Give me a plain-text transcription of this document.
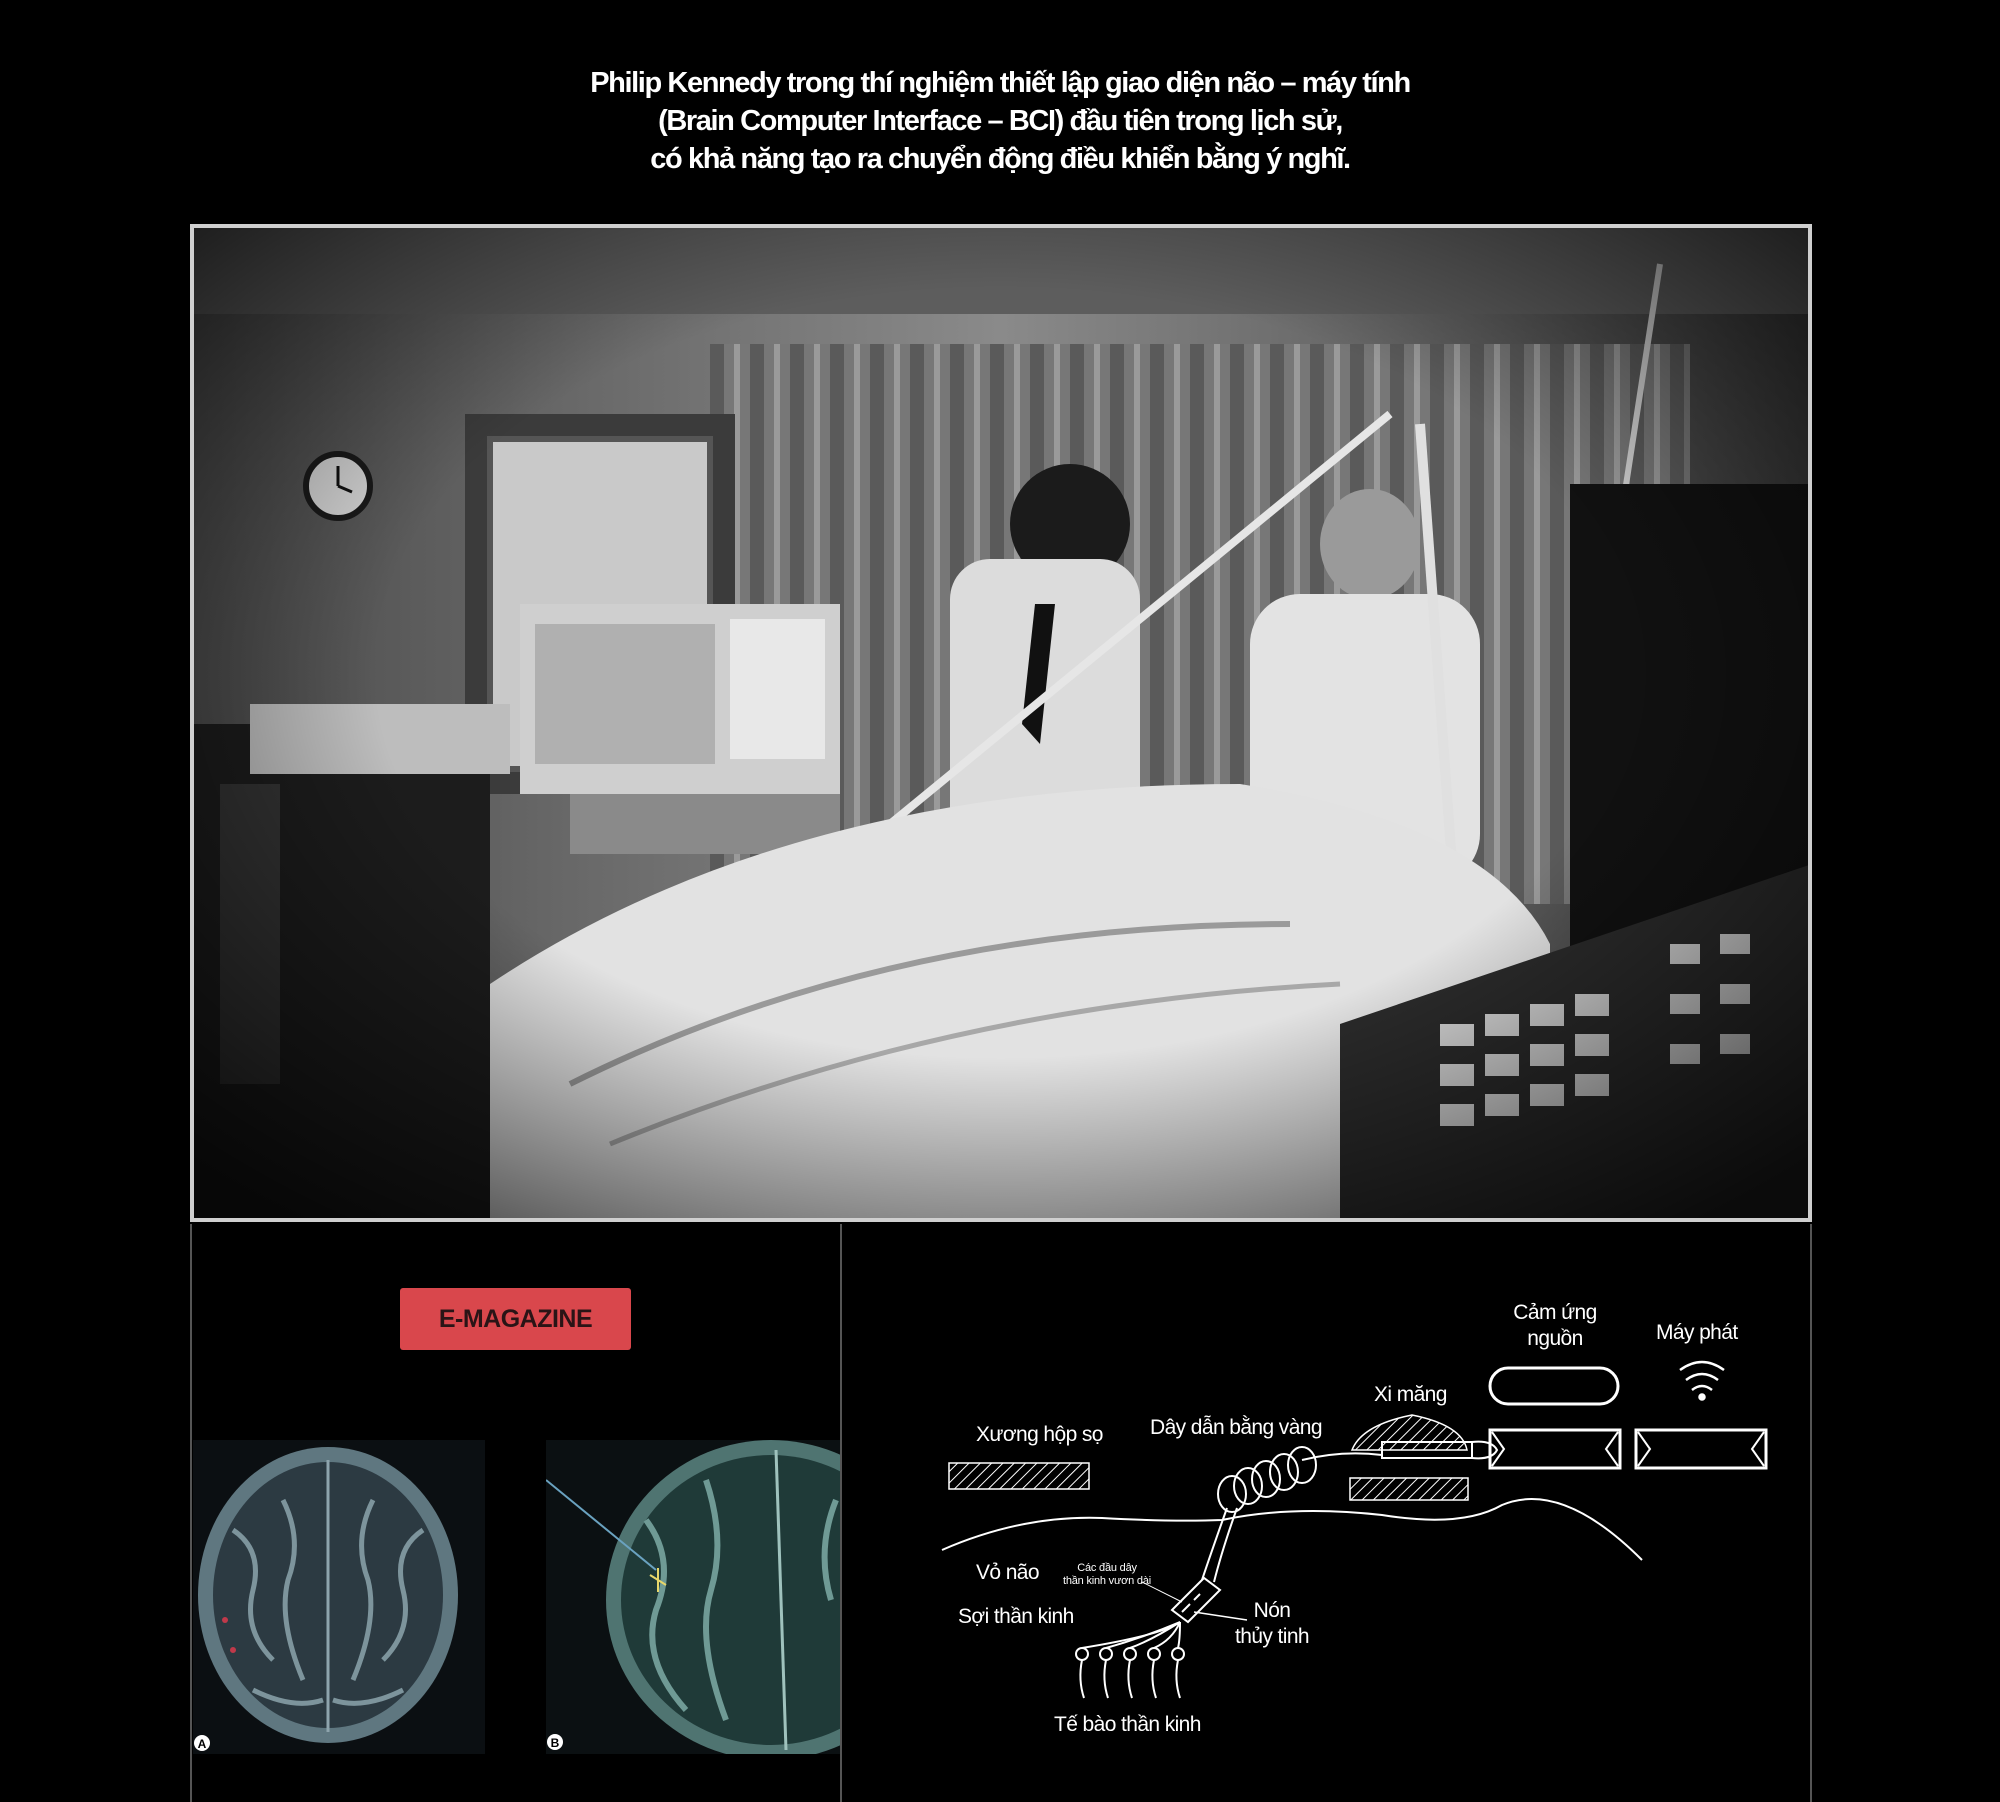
Philip Kennedy trong thí nghiệm thiết lập giao diện não – máy tính
(Brain Computer Interface – BCI) đầu tiên trong lịch sử,
có khả năng tạo ra chuyển động điều khiển bằng ý nghĩ.
E-MAGAZINE
A	B
Xương hộp sọ Dây dẫn bằng vàng
Xi măng
Cảm ứng
nguồn	Máy phát
Vỏ não	Các đầu dây
thần kinh vươn dài
Sợi thần kinh	Nón
thủy tinh
Tế bào thần kinh
